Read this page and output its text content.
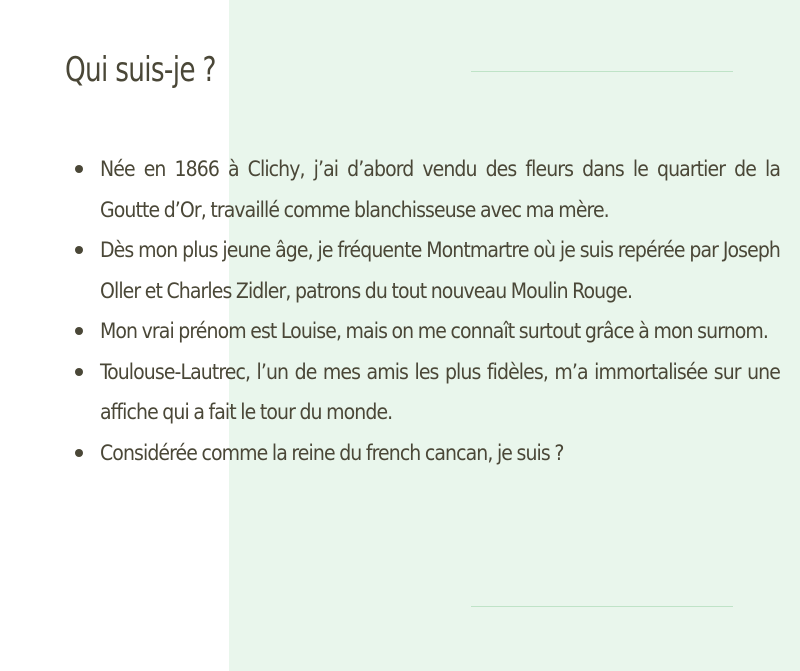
Qui suis-je ?
Née en 1866 à Clichy, j’ai d’abord vendu des fleurs dans le quartier de la Goutte d’Or, travaillé comme blanchisseuse avec ma mère.
Dès mon plus jeune âge, je fréquente Montmartre où je suis repérée par Joseph Oller et Charles Zidler, patrons du tout nouveau Moulin Rouge.
Mon vrai prénom est Louise, mais on me connaît surtout grâce à mon surnom.
Toulouse-Lautrec, l’un de mes amis les plus fidèles, m’a immortalisée sur une affiche qui a fait le tour du monde.
Considérée comme la reine du french cancan, je suis ?
